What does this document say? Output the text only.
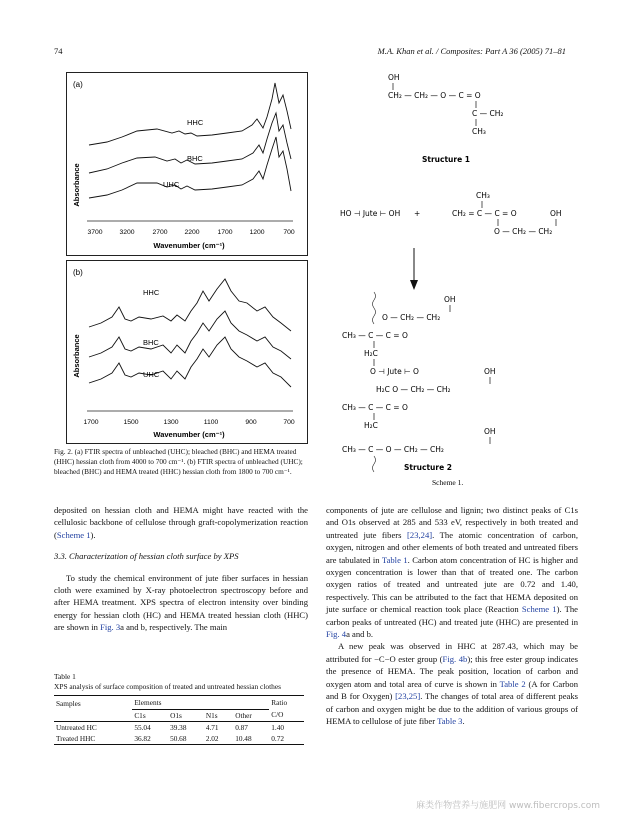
74	M.A. Khan et al. / Composites: Part A 36 (2005) 71–81
(a)
Absorbance
HHC
BHC
UHC
3700 3200	2700 2200	1700 1200	700
Wavenumber (cm⁻¹)
(b)
Absorbance
HHC
BHC
UHC
1700	1500	1300	1100	900	700
Wavenumber (cm⁻¹)
Fig. 2. (a) FTIR spectra of unbleached (UHC); bleached (BHC) and HEMA treated (HHC) hessian cloth from 4000 to 700 cm⁻¹. (b) FTIR spectra of unbleached (UHC); bleached (BHC) and HEMA treated (HHC) hessian cloth from 1800 to 700 cm⁻¹.
OH
CH₂ — CH₂ — O — C = O
C — CH₂
CH₃
Structure 1
CH₃
HO ⊣ Jute ⊢ OH +	CH₂ = C — C = O	OH
O — CH₂ — CH₂
OH
O — CH₂ — CH₂
CH₃ — C — C = O
H₂C
O ⊣ Jute ⊢ O	OH
H₂C O — CH₂ — CH₂
CH₃ — C — C = O
H₂C
OH
CH₃ — C — O — CH₂ — CH₂
Structure 2
Scheme 1.

deposited on hessian cloth and HEMA might have reacted with the cellulosic backbone of cellulose through graft-copolymerization reaction (Scheme 1).

3.3. Characterization of hessian cloth surface by XPS

To study the chemical environment of jute fiber surfaces in hessian cloth were examined by X-ray photoelectron spectroscopy before and after HEMA treatment. XPS spectra of electron intensity over binding energy for hessian cloth (HC) and HEMA treated hessian cloth (HHC) are shown in Fig. 3a and b, respectively. The main

Table 1
XPS analysis of surface composition of treated and untreated hessian clothes
Samples	Elements				Ratio
	C1s	O1s	N1s	Other	C/O
Untreated HC	55.04	39.38	4.71	0.87	1.40
Treated HHC	36.82	50.68	2.02	10.48	0.72

components of jute are cellulose and lignin; two distinct peaks of C1s and O1s observed at 285 and 533 eV, respectively in both treated and untreated jute fibers [23,24]. The atomic concentration of carbon, oxygen, nitrogen and other elements of both treated and untreated fibers are tabulated in Table 1. Carbon atom concentration of HC is higher and oxygen concentration is lower than that of treated one. The carbon oxygen ratios of treated and untreated jute are 0.72 and 1.40, respectively. This can be attributed to the fact that HEMA deposited on jute surface or chemical reaction took place (Reaction Scheme 1). The carbon peaks of untreated (HC) and treated jute (HHC) are presented in Fig. 4a and b.

A new peak was observed in HHC at 287.43, which may be attributed for −C−O ester group (Fig. 4b); this free ester group indicates the presence of HEMA. The peak position, location of carbon and oxygen atom and total area of curve is shown in Table 2 (A for Carbon and B for Oxygen) [23,25]. The changes of total area of different peaks of carbon and oxygen might be due to the addition of various groups of HEMA to cellulose of jute fiber Table 3.

麻类作物营养与施肥网 www.fibercrops.com
